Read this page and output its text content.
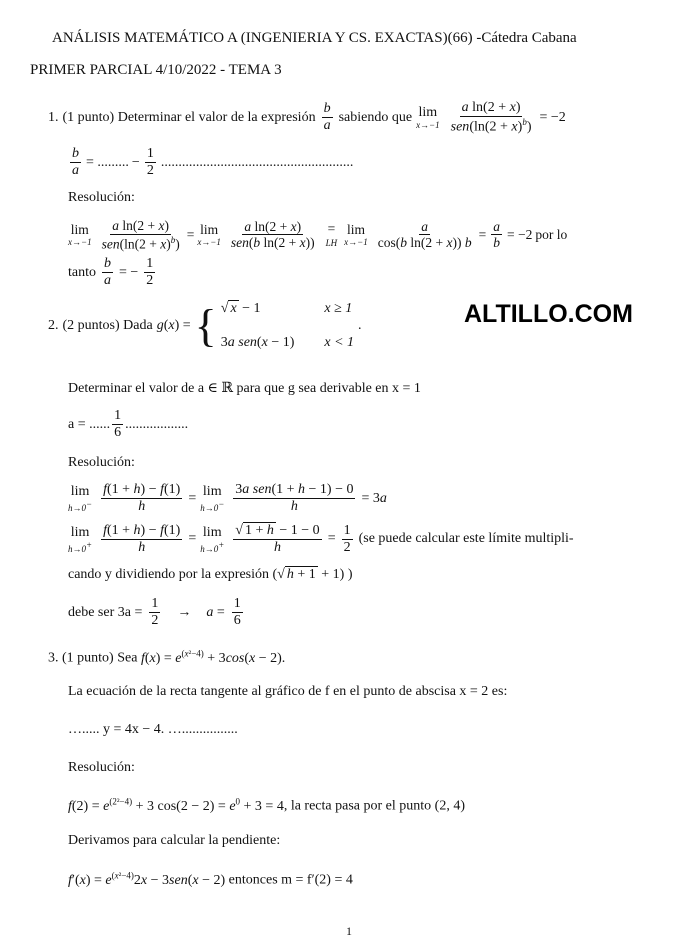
ANÁLISIS MATEMÁTICO A (INGENIERIA Y CS. EXACTAS)(66) -Cátedra Cabana
PRIMER PARCIAL 4/10/2022 - TEMA 3
1. (1 punto) Determinar el valor de la expresión $\frac{b}{a}$ sabiendo que lim
$x\to-1 \frac{\text{a ln(2 + x)}}{sen(\ln(2 + x)^b)} = -2$
$\frac{b}{a}$ = ......... − $\frac{1}{2}$ .......................................................
Resolución:
lim
$x\to-1 \frac{\text{a ln(2 + x)}}{sen(\ln(2 + x)^b)} = \lim$
$x\to-1 \frac{\text{a ln(2 + x)}}{\text{sen(b ln(2 + x))}}$ =
LH
lim
$x\to-1 \frac{a}{\text{cos(b ln(2 + x)) b}} = \frac{a}{b} = -2$ por lo
tanto $\frac{b}{a}$ = − $\frac{1}{2}$
ALTILLO.COM
2. (2 puntos) Dada g(x) = { √ x − 1	x ≥ 1
3a sen(x − 1) x < 1
.
Determinar el valor de a ∈ ℝ para que g sea derivable en x = 1
a = ...... $\frac{1}{6}$ ..................
Resolución:
lim
$h\to 0^- \frac{f(1 + h) - f(1)}{h} = \lim$
$h\to 0^- \frac{\text{3a sen(1 + h − 1) − 0}}{h} = 3a$
lim
$h\to 0^+ \frac{f(1 + h) - f(1)}{h} = \lim$
$h\to 0^+ \frac{√ 1 + h - 1 - 0}{h} = \frac{1}{2} (se$ puede calcular este límite multipli-
cando y dividiendo por la expresión (√ h + 1 + 1) )
debe ser $3a = \frac{1}{2} \to a = \frac{1}{6}$
3. (1 punto) Sea $f(x) = e^{(x^2-4)} + 3\cos(x - 2)$.
La ecuación de la recta tangente al gráfico de f en el punto de abscisa x = 2 es:
…..... y = 4x − 4. …................
Resolución:
$f(2) = e^{(2^2-4)} + 3$ $\cos(2 - 2) = e^0 + 3 = 4$, la recta pasa por el punto (2, 4)
Derivamos para calcular la pendiente:
$f'(x) = e^{(x^2-4)}2x - 3sen(x - 2)$ entonces m = f′(2) = 4
1
